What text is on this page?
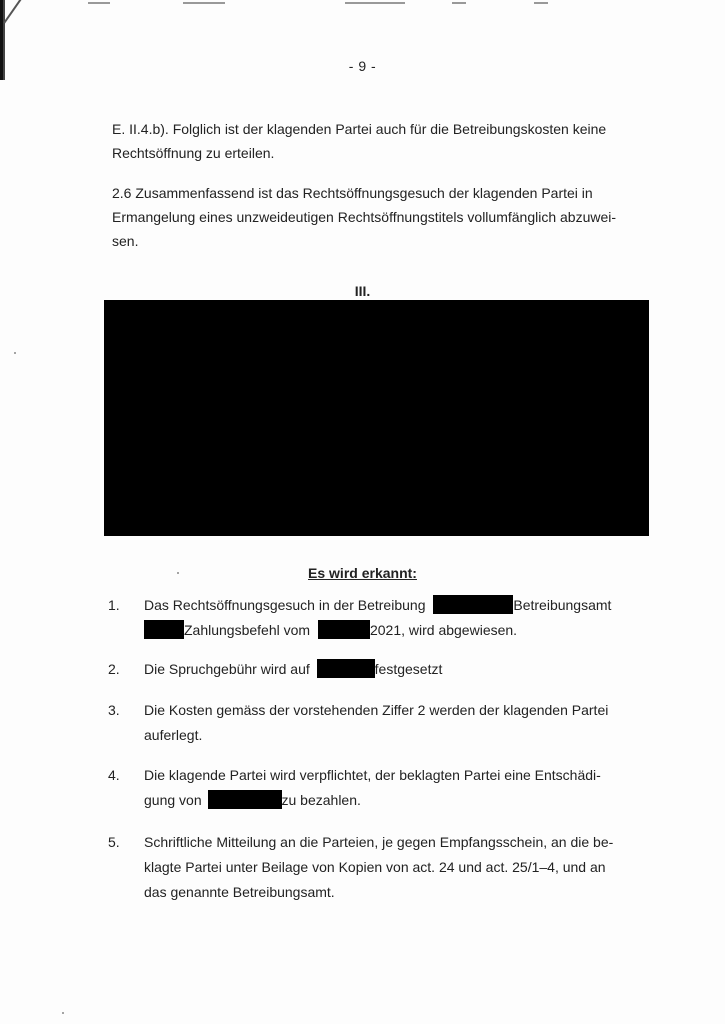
- 9 -

E. II.4.b). Folglich ist der klagenden Partei auch für die Betreibungskosten keine
Rechtsöffnung zu erteilen.

2.6 Zusammenfassend ist das Rechtsöffnungsgesuch der klagenden Partei in
Ermangelung eines unzweideutigen Rechtsöffnungstitels vollumfänglich abzuwei-
sen.

III.
Es wird erkannt:
1.	Das Rechtsöffnungsgesuch in der Betreibung	Betreibungsamt
Zahlungsbefehl vom	2021, wird abgewiesen.
2.	Die Spruchgebühr wird auf	festgesetzt
3.	Die Kosten gemäss der vorstehenden Ziffer 2 werden der klagenden Partei
auferlegt.
4.	Die klagende Partei wird verpflichtet, der beklagten Partei eine Entschädi-
gung von	zu bezahlen.
5.	Schriftliche Mitteilung an die Parteien, je gegen Empfangsschein, an die be-
klagte Partei unter Beilage von Kopien von act. 24 und act. 25/1–4, und an
das genannte Betreibungsamt.
